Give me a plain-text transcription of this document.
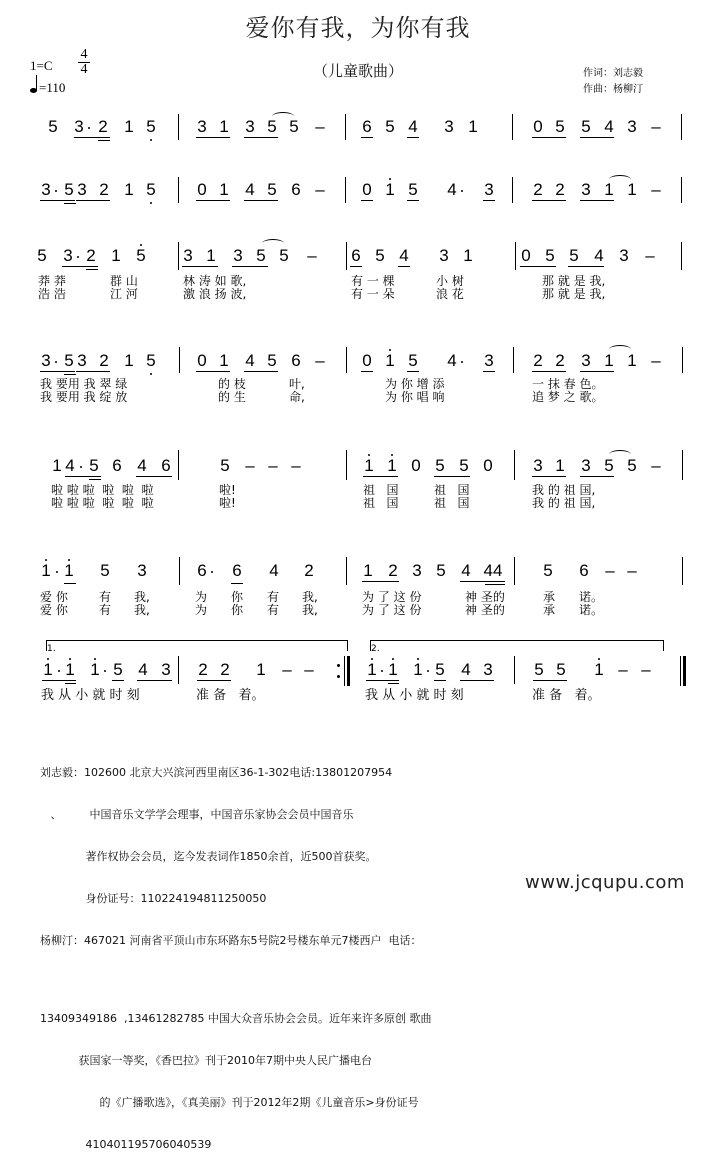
爱你有我，为你有我
（儿童歌曲）
1=C
4
4
=110
作词：刘志毅
作曲：杨柳汀
5 3 2 1 5 3 1 3 5 5 – 6 5 4 3 1	0 5 5 4 3 –
3 5 3 2 1 5 0 1 4 5 6 – 0 1 5 4 3 2 2 3 1 1 –
5 3 2 1 5 3 1 3 5 5 – 6 5 4 3 1	0 5 5 4 3 –
莽 莽	群 山	林 涛 如 歌,	有 一 棵	小 树	那 就 是 我,
浩 浩	江 河	激 浪 扬 波,	有 一 朵	浪 花	那 就 是 我,
3 5 3 2 1 5 0 1 4 5 6 – 0 1 5 4 3 2 2 3 1 1 –
我 要用 我 翠 绿	的 枝	叶,	为 你 增 添	一 抹 春 色。
我 要用 我 绽 放	的 生	命,	为 你 唱 响	追 梦 之 歌。
1 4 5 6 4 6	5 – – –	1 1 0 5 5 0 3 1 3 5 5 –
啦 啦 啦  啦  啦  啦	啦!	祖   国	祖   国	我 的 祖 国,
啦 啦 啦  啦  啦  啦	啦!	祖   国	祖   国	我 的 祖 国,
1 1 5 3	6 6 4 2	1 2 3 5 4 44 5 6 – –
爱 你	有 我,	为 你 有 我,	为 了 这 份	神 圣的	承 诺。
爱 你	有 我,	为 你 有 我,	为 了 这 份	神 圣的	承 诺。
1.	2.
1 1 1 5 4 3 2 2 1 – –	1 1 1 5 4 3 5 5 1 – –
我 从 小 就 时 刻	准 备   着。	我 从 小 就 时 刻	准 备   着。

刘志毅：102600 北京大兴滨河西里南区36-1-302电话:13801207954

、        中国音乐文学学会理事，中国音乐家协会会员中国音乐

著作权协会会员，迄今发表词作1850余首，近500首获奖。

身份证号：110224194811250050

杨柳汀：467021 河南省平顶山市东环路东5号院2号楼东单元7楼西户  电话：

13409349186  ,13461282785 中国大众音乐协会会员。近年来许多原创 歌曲

获国家一等奖，《香巴拉》刊于2010年7期中央人民广播电台

的《广播歌选》，《真美丽》刊于2012年2期《儿童音乐>身份证号

410401195706040539

www.jcqupu.com
